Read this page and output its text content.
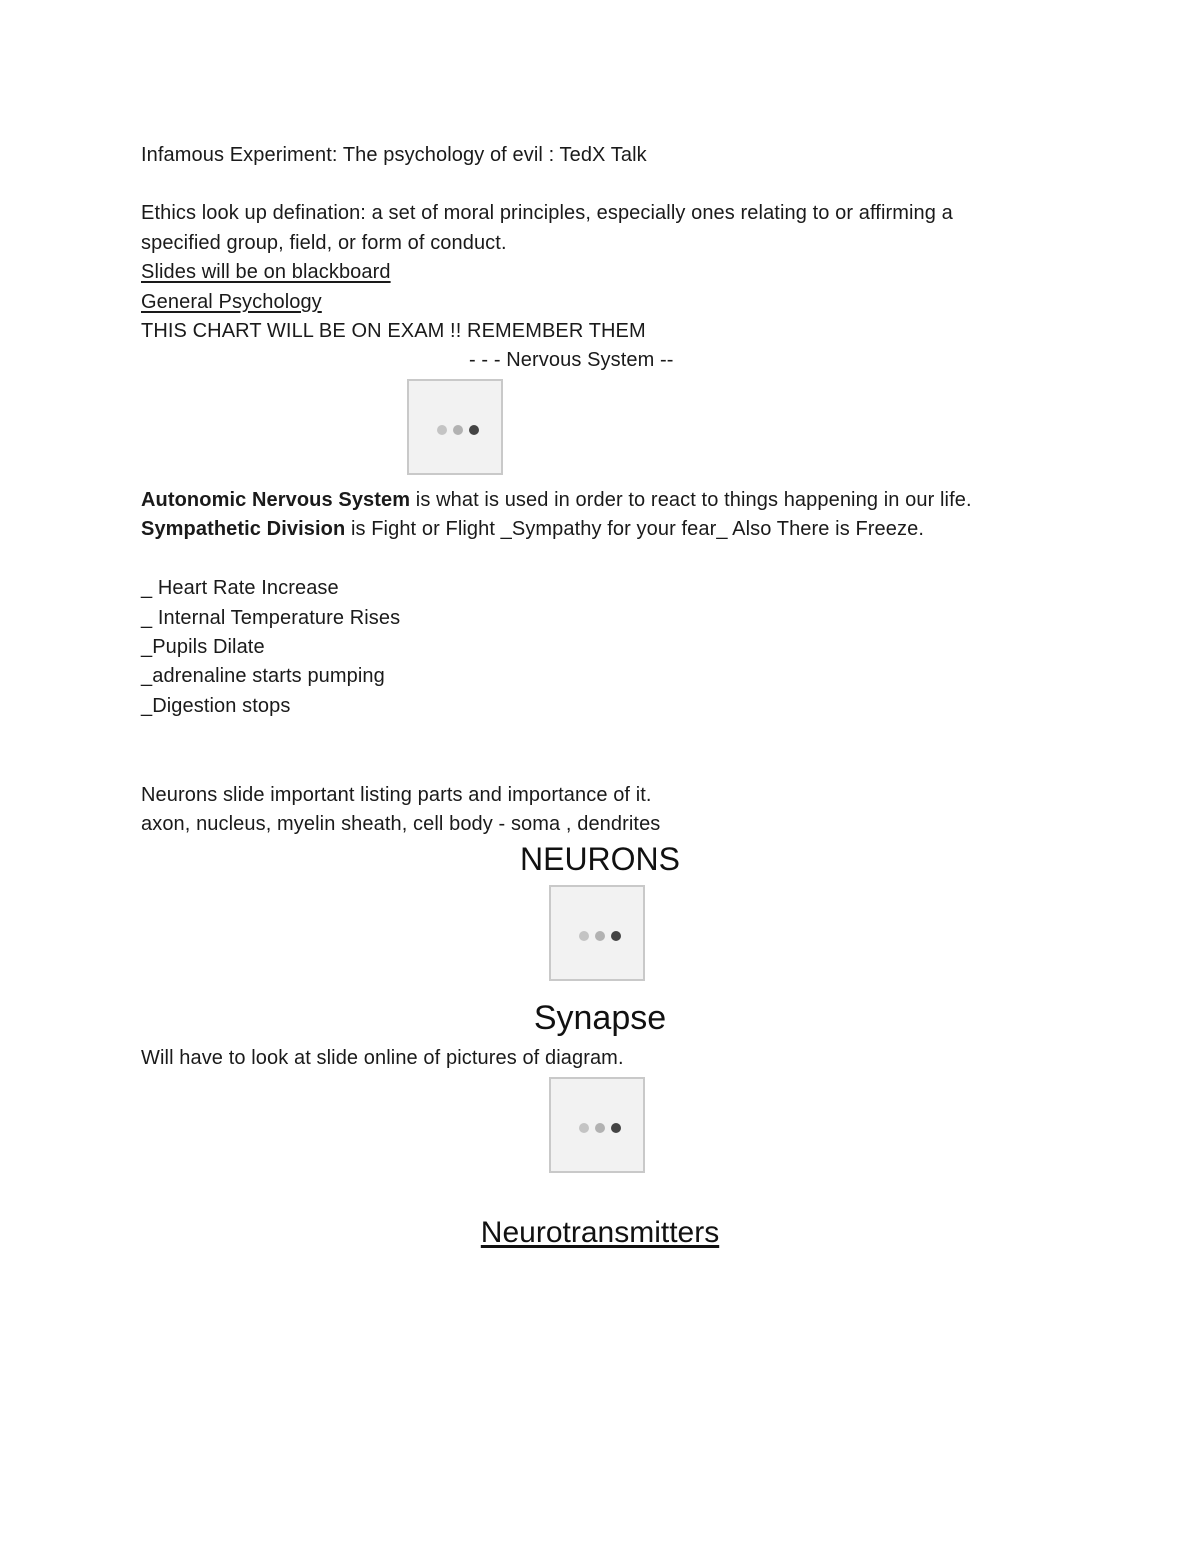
Infamous Experiment: The psychology of evil : TedX Talk
Ethics look up defination: a set of moral principles, especially ones relating to or affirming a
specified group, field, or form of conduct.
Slides will be on blackboard
General Psychology
THIS CHART WILL BE ON EXAM !! REMEMBER THEM
- - - Nervous System --
Autonomic Nervous System is what is used in order to react to things happening in our life.
Sympathetic Division is Fight or Flight _Sympathy for your fear_ Also There is Freeze.
_ Heart Rate Increase
_ Internal Temperature Rises
_Pupils Dilate
_adrenaline starts pumping
_Digestion stops
Neurons slide important listing parts and importance of it.
axon, nucleus, myelin sheath, cell body - soma , dendrites
NEURONS
Synapse
Will have to look at slide online of pictures of diagram.
Neurotransmitters
